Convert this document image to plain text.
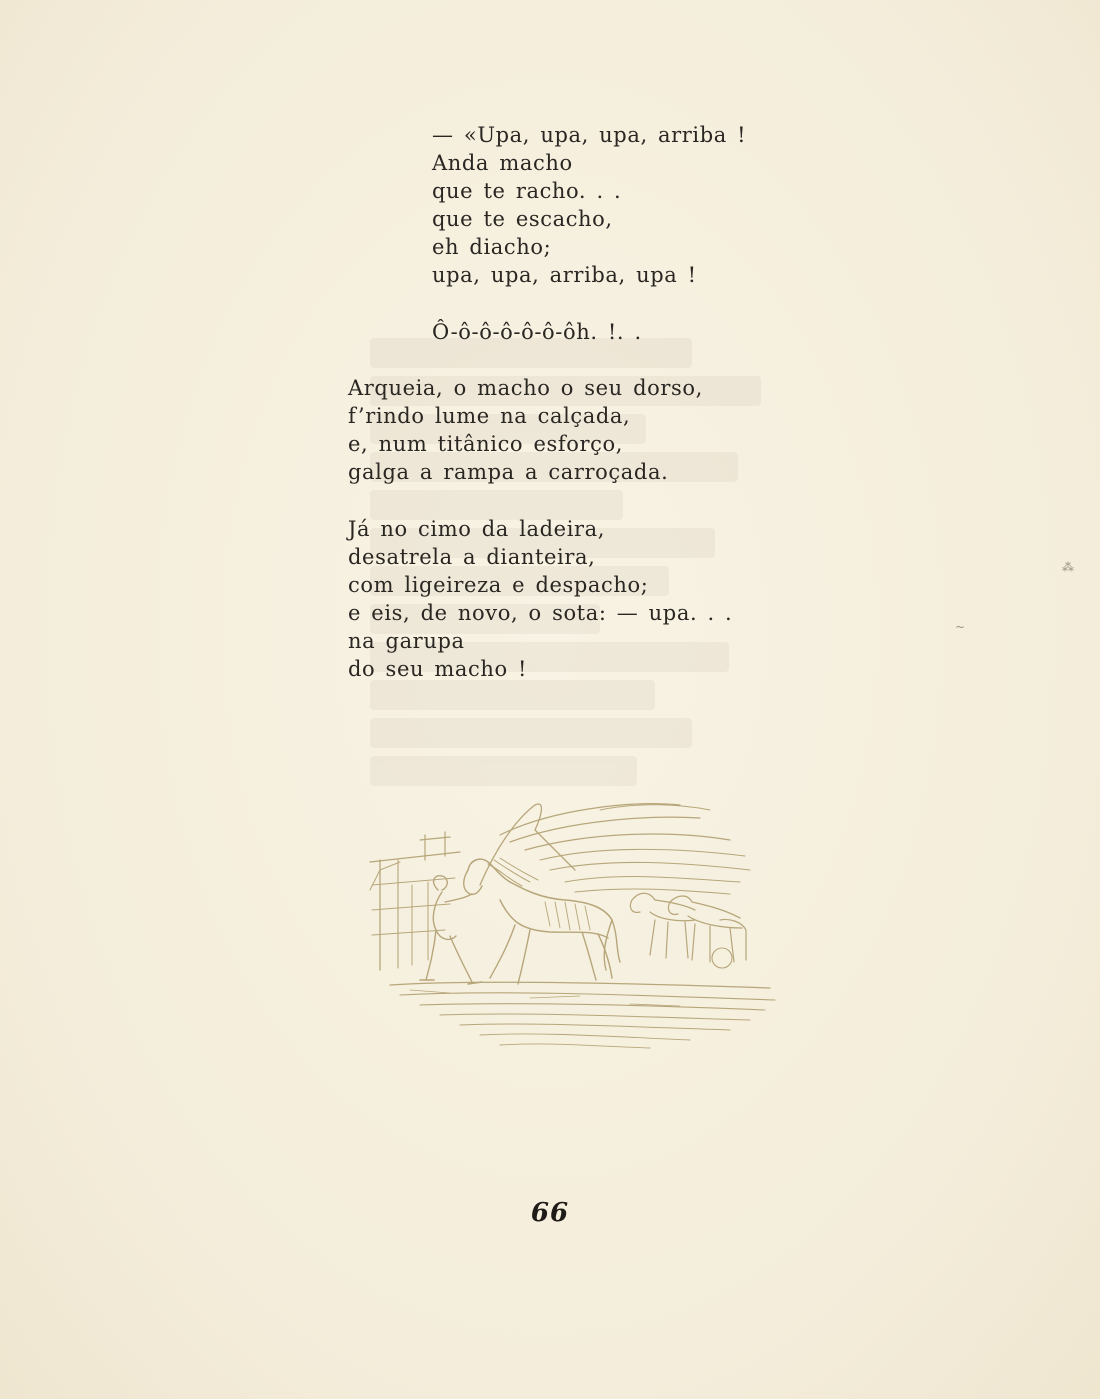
— «Upa, upa, upa, arriba !
Anda macho
que te racho. . .
que te escacho,
eh diacho;
upa, upa, arriba, upa !
Ô-ô-ô-ô-ô-ô-ôh. !. .
Arqueia, o macho o seu dorso,
f’rindo lume na calçada,
e, num titânico esforço,
galga a rampa a carroçada.
Já no cimo da ladeira,
desatrela a dianteira,
com ligeireza e despacho;
e eis, de novo, o sota: — upa. . .
na garupa
do seu macho !
66
⁂
~
